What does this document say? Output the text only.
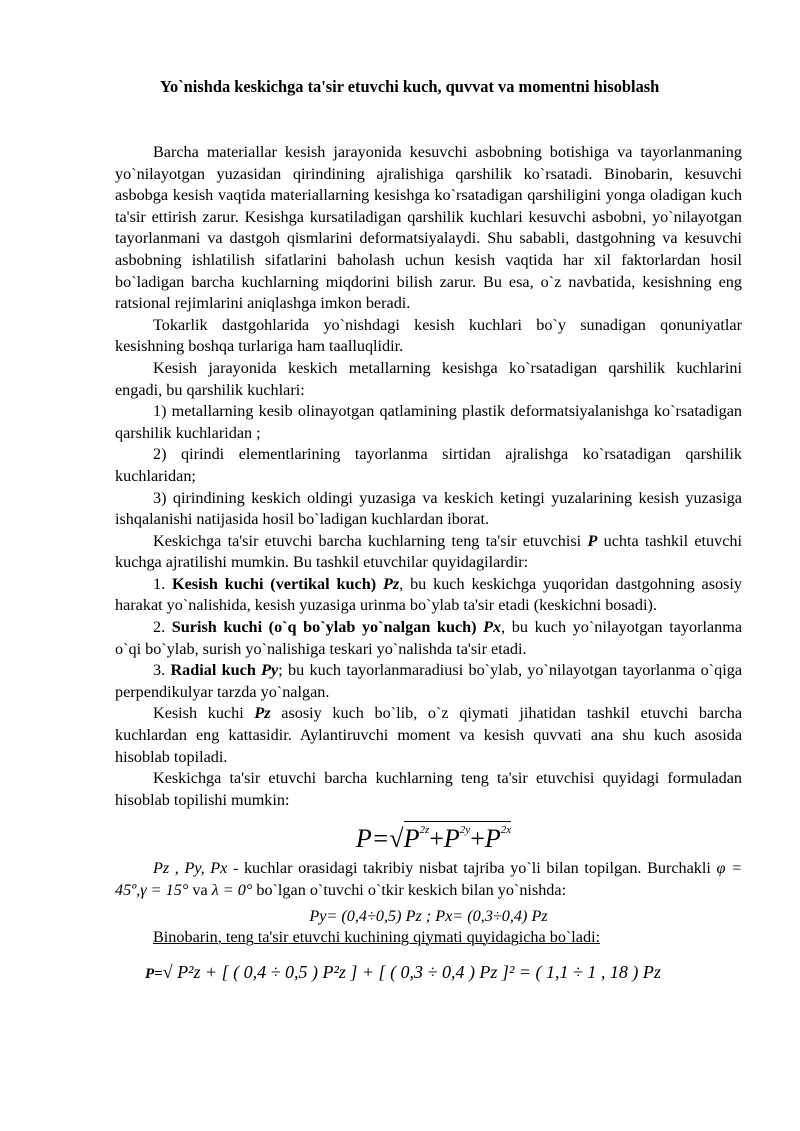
Yo`nishda keskichga ta'sir etuvchi kuch, quvvat va momentni hisoblash

Barcha materiallar kesish jarayonida kesuvchi asbobning botishiga va tayorlanmaning yo`nilayotgan yuzasidan qirindining ajralishiga qarshilik ko`rsatadi. Binobarin, kesuvchi asbobga kesish vaqtida materiallarning kesishga ko`rsatadigan qarshiligini yonga oladigan kuch ta'sir ettirish zarur. Kesishga kursatiladigan qarshilik kuchlari kesuvchi asbobni, yo`nilayotgan tayorlanmani va dastgoh qismlarini deformatsiyalaydi. Shu sababli, dastgohning va kesuvchi asbobning ishlatilish sifatlarini baholash uchun kesish vaqtida har xil faktorlardan hosil bo`ladigan barcha kuchlarning miqdorini bilish zarur. Bu esa, o`z navbatida, kesishning eng ratsional rejimlarini aniqlashga imkon beradi.

Tokarlik dastgohlarida yo`nishdagi kesish kuchlari bo`y sunadigan qonuniyatlar kesishning boshqa turlariga ham taalluqlidir.

Kesish jarayonida keskich metallarning kesishga ko`rsatadigan qarshilik kuchlarini engadi, bu qarshilik kuchlari:

1) metallarning kesib olinayotgan qatlamining plastik deformatsiyalanishga ko`rsatadigan qarshilik kuchlaridan ;

2) qirindi elementlarining tayorlanma sirtidan ajralishga ko`rsatadigan qarshilik kuchlaridan;

3) qirindining keskich oldingi yuzasiga va keskich ketingi yuzalarining kesish yuzasiga ishqalanishi natijasida hosil bo`ladigan kuchlardan iborat.

Keskichga ta'sir etuvchi barcha kuchlarning teng ta'sir etuvchisi P uchta tashkil etuvchi kuchga ajratilishi mumkin. Bu tashkil etuvchilar quyidagilardir:

1. Kesish kuchi (vertikal kuch) Pz, bu kuch keskichga yuqoridan dastgohning asosiy harakat yo`nalishida, kesish yuzasiga urinma bo`ylab ta'sir etadi (keskichni bosadi).

2. Surish kuchi (o`q bo`ylab yo`nalgan kuch) Px, bu kuch yo`nilayotgan tayorlanma o`qi bo`ylab, surish yo`nalishiga teskari yo`nalishda ta'sir etadi.

3. Radial kuch Py; bu kuch tayorlanmaradiusi bo`ylab, yo`nilayotgan tayorlanma o`qiga perpendikulyar tarzda yo`nalgan.

Kesish kuchi Pz asosiy kuch bo`lib, o`z qiymati jihatidan tashkil etuvchi barcha kuchlardan eng kattasidir. Aylantiruvchi moment va kesish quvvati ana shu kuch asosida hisoblab topiladi.

Keskichga ta'sir etuvchi barcha kuchlarning teng ta'sir etuvchisi quyidagi formuladan hisoblab topilishi mumkin:

$P=√P^{2z}+P^{2y}+P^{2x}$

Pz , Py, Px - kuchlar orasidagi takribiy nisbat tajriba yo`li bilan topilgan. Burchakli φ = 45º,γ = 15° va λ = 0° bo`lgan o`tuvchi o`tkir keskich bilan yo`nishda:

Py= (0,4÷0,5) Pz ; Px= (0,3÷0,4) Pz

Binobarin, teng ta'sir etuvchi kuchining qiymati quyidagicha bo`ladi:

P=√ P²z + [ ( 0,4 ÷ 0,5 ) P²z ] + [ ( 0,3 ÷ 0,4 ) Pz ]² = ( 1,1 ÷ 1 , 18 ) Pz
